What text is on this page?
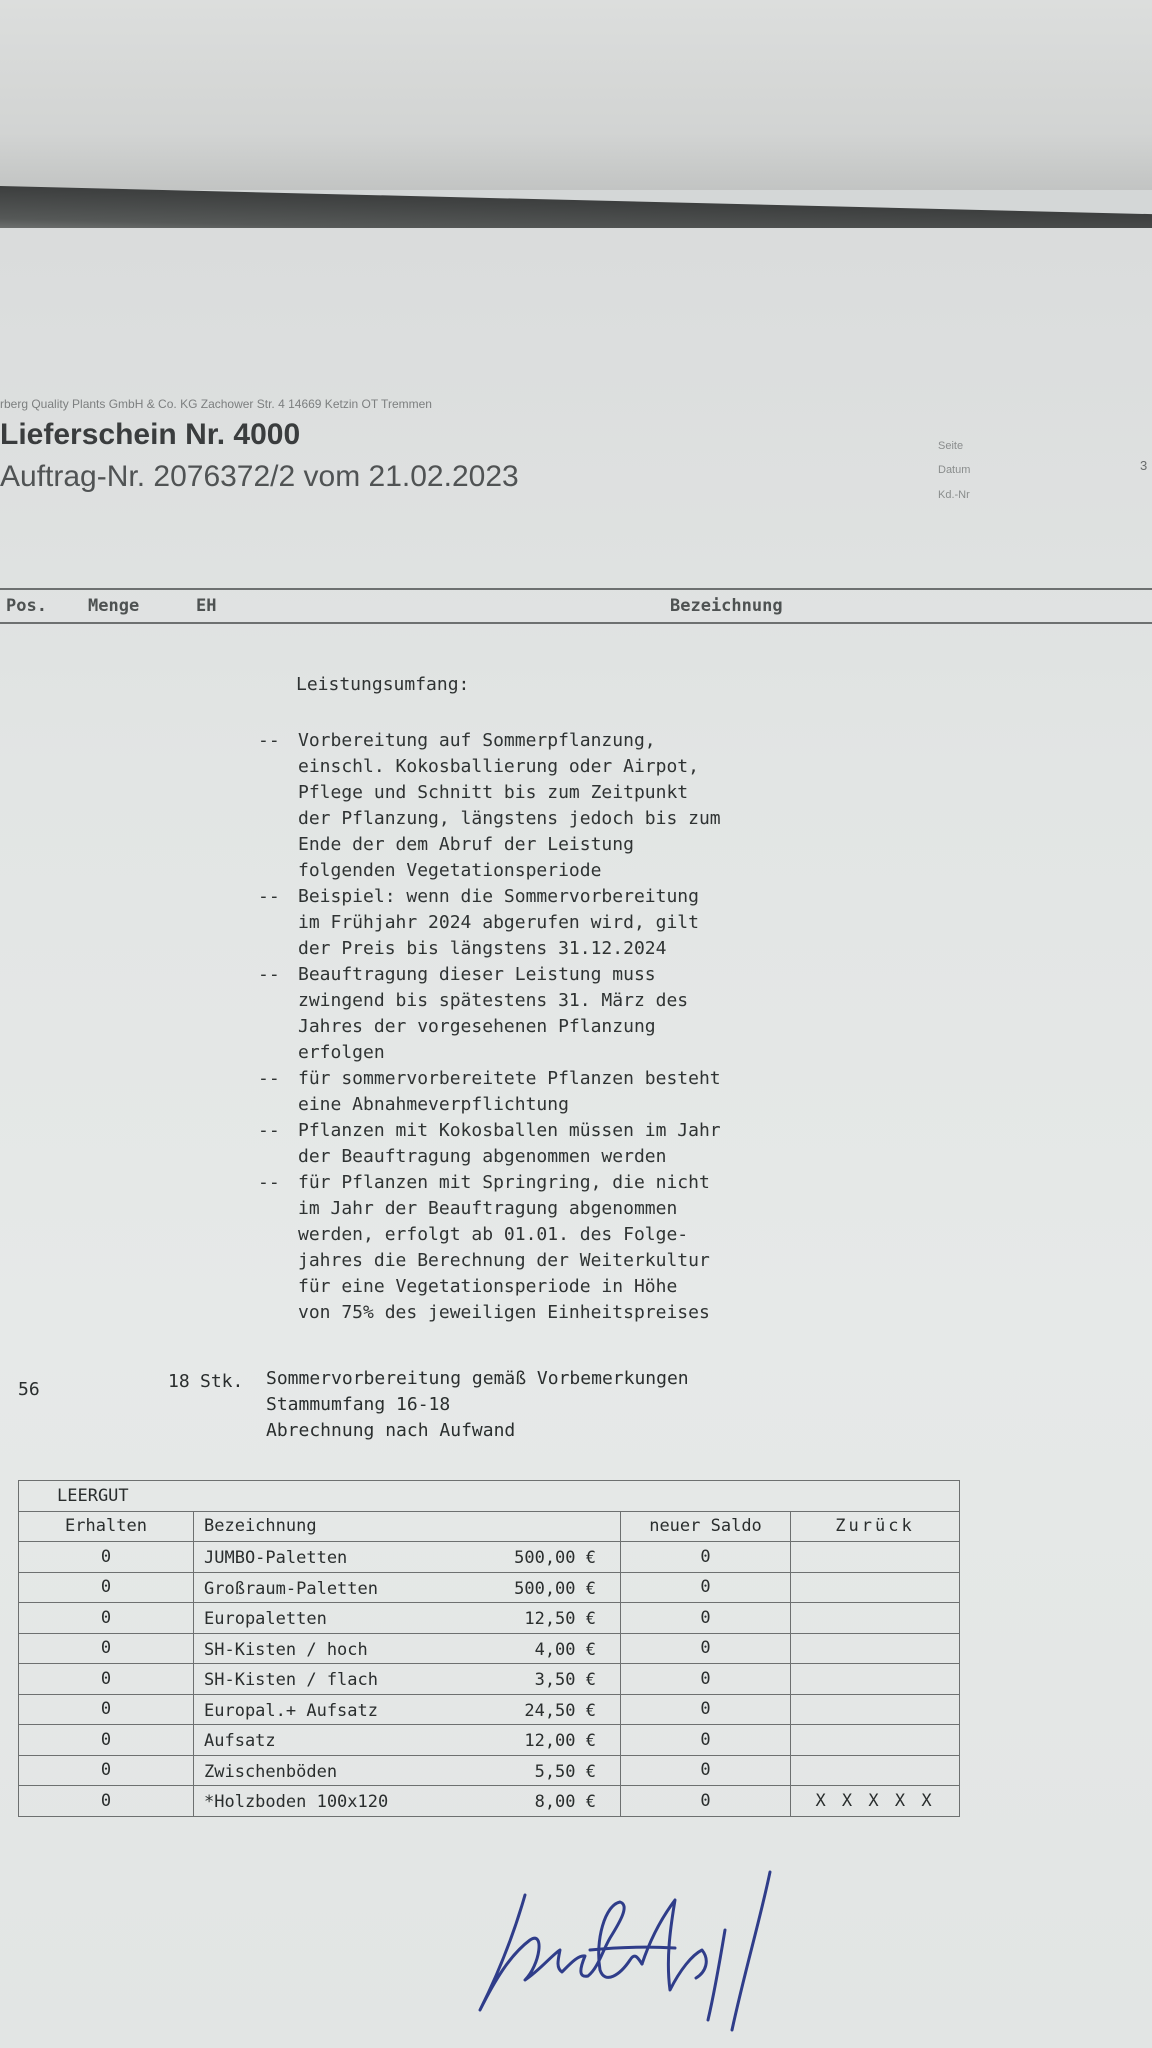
rberg Quality Plants GmbH & Co. KG Zachower Str. 4 14669 Ketzin OT Tremmen
Lieferschein Nr. 4000
Auftrag-Nr. 2076372/2 vom 21.02.2023
Seite
Datum
Kd.-Nr
3
Pos. Menge	EH	Bezeichnung
Leistungsumfang:
-- Vorbereitung auf Sommerpflanzung,
einschl. Kokosballierung oder Airpot,
Pflege und Schnitt bis zum Zeitpunkt
der Pflanzung, längstens jedoch bis zum
Ende der dem Abruf der Leistung
folgenden Vegetationsperiode
-- Beispiel: wenn die Sommervorbereitung
im Frühjahr 2024 abgerufen wird, gilt
der Preis bis längstens 31.12.2024
-- Beauftragung dieser Leistung muss
zwingend bis spätestens 31. März des
Jahres der vorgesehenen Pflanzung
erfolgen
-- für sommervorbereitete Pflanzen besteht
eine Abnahmeverpflichtung
-- Pflanzen mit Kokosballen müssen im Jahr
der Beauftragung abgenommen werden
-- für Pflanzen mit Springring, die nicht
im Jahr der Beauftragung abgenommen
werden, erfolgt ab 01.01. des Folge-
jahres die Berechnung der Weiterkultur
für eine Vegetationsperiode in Höhe
von 75% des jeweiligen Einheitspreises
56	18 Stk. Sommervorbereitung gemäß Vorbemerkungen
Stammumfang 16-18
Abrechnung nach Aufwand
LEERGUT			
Erhalten	Bezeichnung	neuer Saldo	Zurück
0	JUMBO-Paletten 500,00 €	0	
0	Großraum-Paletten 500,00 €	0	
0	Europaletten 12,50 €	0	
0	SH-Kisten / hoch 4,00 €	0	
0	SH-Kisten / flach 3,50 €	0	
0	Europal.+ Aufsatz 24,50 €	0	
0	Aufsatz 12,00 €	0	
0	Zwischenböden 5,50 €	0	
0	*Holzboden 100x120 8,00 €	0	X X X X X
